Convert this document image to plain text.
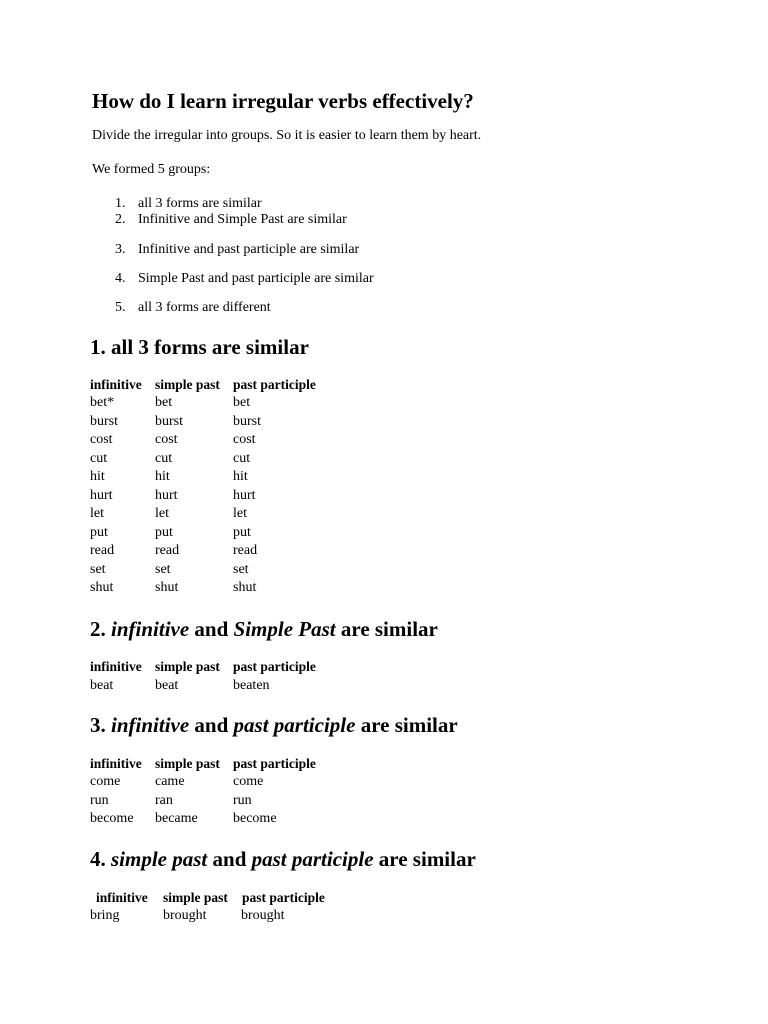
How do I learn irregular verbs effectively?
Divide the irregular into groups. So it is easier to learn them by heart.
We formed 5 groups:
1. all 3 forms are similar
2. Infinitive and Simple Past are similar
3. Infinitive and past participle are similar
4. Simple Past and past participle are similar
5. all 3 forms are different
1. all 3 forms are similar
infinitive simple past past participle
bet*	bet	bet
burst	burst	burst
cost	cost	cost
cut	cut	cut
hit	hit	hit
hurt	hurt	hurt
let	let	let
put	put	put
read	read	read
set	set	set
shut	shut	shut
2. infinitive and Simple Past are similar
infinitive simple past past participle
beat	beat	beaten
3. infinitive and past participle are similar
infinitive simple past past participle
come came	come
run	ran	run
become became	become
4. simple past and past participle are similar
infinitive simple past past participle
bring	brought brought
